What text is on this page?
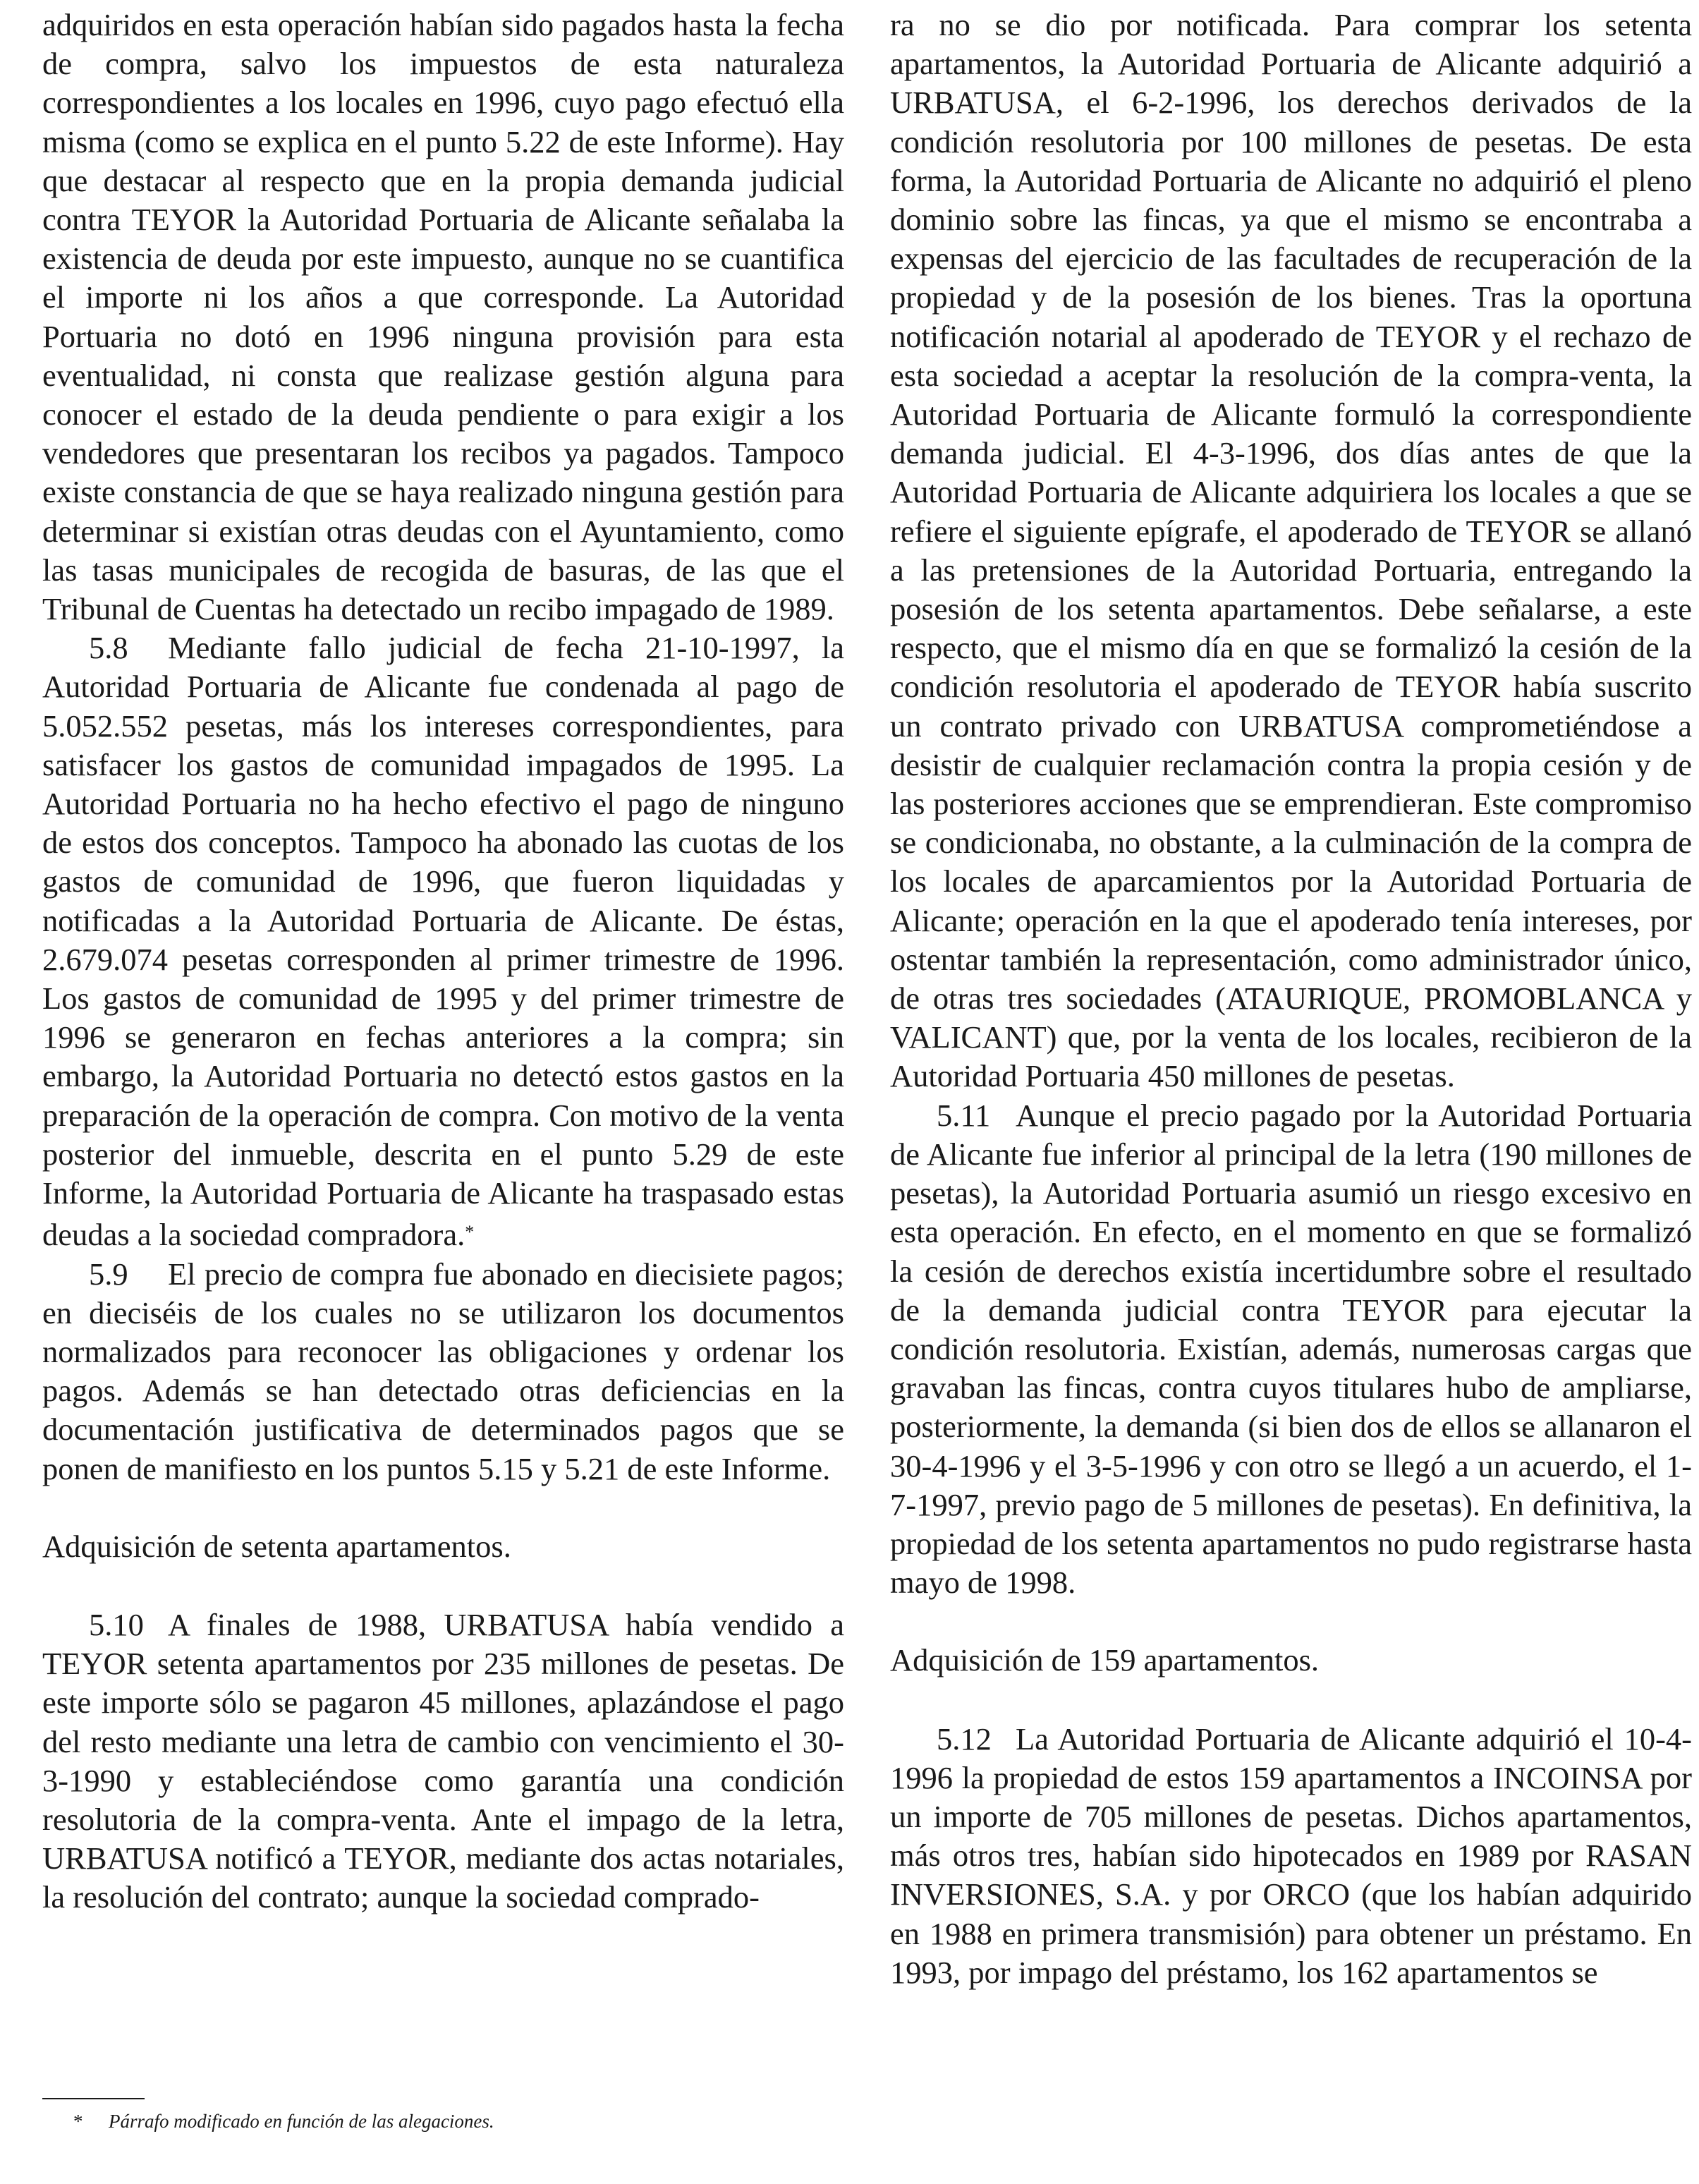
adquiridos en esta operación habían sido pagados hasta la fecha de compra, salvo los impuestos de esta naturaleza correspondientes a los locales en 1996, cuyo pago efectuó ella misma (como se explica en el punto 5.22 de este Informe). Hay que destacar al respecto que en la propia demanda judicial contra TEYOR la Autoridad Portuaria de Alicante señalaba la existencia de deuda por este impuesto, aunque no se cuantifica el importe ni los años a que corresponde. La Autoridad Portuaria no dotó en 1996 ninguna provisión para esta eventualidad, ni consta que realizase gestión alguna para conocer el estado de la deuda pendiente o para exigir a los vendedores que presentaran los recibos ya pagados. Tampoco existe constancia de que se haya realizado ninguna gestión para determinar si existían otras deudas con el Ayuntamiento, como las tasas municipales de recogida de basuras, de las que el Tribunal de Cuentas ha detectado un recibo impagado de 1989.

5.8 Mediante fallo judicial de fecha 21-10-1997, la Autoridad Portuaria de Alicante fue condenada al pago de 5.052.552 pesetas, más los intereses correspondientes, para satisfacer los gastos de comunidad impagados de 1995. La Autoridad Portuaria no ha hecho efectivo el pago de ninguno de estos dos conceptos. Tampoco ha abonado las cuotas de los gastos de comunidad de 1996, que fueron liquidadas y notificadas a la Autoridad Portuaria de Alicante. De éstas, 2.679.074 pesetas corresponden al primer trimestre de 1996. Los gastos de comunidad de 1995 y del primer trimestre de 1996 se generaron en fechas anteriores a la compra; sin embargo, la Autoridad Portuaria no detectó estos gastos en la preparación de la operación de compra. Con motivo de la venta posterior del inmueble, descrita en el punto 5.29 de este Informe, la Autoridad Portuaria de Alicante ha traspasado estas deudas a la sociedad compradora.*

5.9 El precio de compra fue abonado en diecisiete pagos; en dieciséis de los cuales no se utilizaron los documentos normalizados para reconocer las obligaciones y ordenar los pagos. Además se han detectado otras deficiencias en la documentación justificativa de determinados pagos que se ponen de manifiesto en los puntos 5.15 y 5.21 de este Informe.

Adquisición de setenta apartamentos.

5.10 A finales de 1988, URBATUSA había vendido a TEYOR setenta apartamentos por 235 millones de pesetas. De este importe sólo se pagaron 45 millones, aplazándose el pago del resto mediante una letra de cambio con vencimiento el 30-3-1990 y estableciéndose como garantía una condición resolutoria de la compra-venta. Ante el impago de la letra, URBATUSA notificó a TEYOR, mediante dos actas notariales, la resolución del contrato; aunque la sociedad comprado-

ra no se dio por notificada. Para comprar los setenta apartamentos, la Autoridad Portuaria de Alicante adquirió a URBATUSA, el 6-2-1996, los derechos derivados de la condición resolutoria por 100 millones de pesetas. De esta forma, la Autoridad Portuaria de Alicante no adquirió el pleno dominio sobre las fincas, ya que el mismo se encontraba a expensas del ejercicio de las facultades de recuperación de la propiedad y de la posesión de los bienes. Tras la oportuna notificación notarial al apoderado de TEYOR y el rechazo de esta sociedad a aceptar la resolución de la compra-venta, la Autoridad Portuaria de Alicante formuló la correspondiente demanda judicial. El 4-3-1996, dos días antes de que la Autoridad Portuaria de Alicante adquiriera los locales a que se refiere el siguiente epígrafe, el apoderado de TEYOR se allanó a las pretensiones de la Autoridad Portuaria, entregando la posesión de los setenta apartamentos. Debe señalarse, a este respecto, que el mismo día en que se formalizó la cesión de la condición resolutoria el apoderado de TEYOR había suscrito un contrato privado con URBATUSA comprometiéndose a desistir de cualquier reclamación contra la propia cesión y de las posteriores acciones que se emprendieran. Este compromiso se condicionaba, no obstante, a la culminación de la compra de los locales de aparcamientos por la Autoridad Portuaria de Alicante; operación en la que el apoderado tenía intereses, por ostentar también la representación, como administrador único, de otras tres sociedades (ATAURIQUE, PROMOBLANCA y VALICANT) que, por la venta de los locales, recibieron de la Autoridad Portuaria 450 millones de pesetas.

5.11 Aunque el precio pagado por la Autoridad Portuaria de Alicante fue inferior al principal de la letra (190 millones de pesetas), la Autoridad Portuaria asumió un riesgo excesivo en esta operación. En efecto, en el momento en que se formalizó la cesión de derechos existía incertidumbre sobre el resultado de la demanda judicial contra TEYOR para ejecutar la condición resolutoria. Existían, además, numerosas cargas que gravaban las fincas, contra cuyos titulares hubo de ampliarse, posteriormente, la demanda (si bien dos de ellos se allanaron el 30-4-1996 y el 3-5-1996 y con otro se llegó a un acuerdo, el 1-7-1997, previo pago de 5 millones de pesetas). En definitiva, la propiedad de los setenta apartamentos no pudo registrarse hasta mayo de 1998.

Adquisición de 159 apartamentos.

5.12 La Autoridad Portuaria de Alicante adquirió el 10-4-1996 la propiedad de estos 159 apartamentos a INCOINSA por un importe de 705 millones de pesetas. Dichos apartamentos, más otros tres, habían sido hipotecados en 1989 por RASAN INVERSIONES, S.A. y por ORCO (que los habían adquirido en 1988 en primera transmisión) para obtener un préstamo. En 1993, por impago del préstamo, los 162 apartamentos se

* Párrafo modificado en función de las alegaciones.
